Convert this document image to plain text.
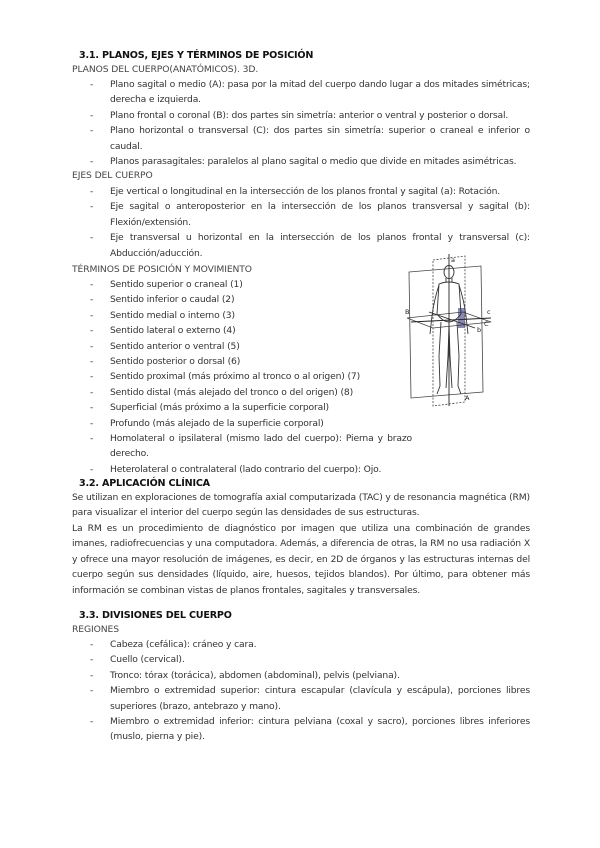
3.1. PLANOS, EJES Y TÉRMINOS DE POSICIÓN
PLANOS DEL CUERPO(ANATÓMICOS). 3D.
- Plano sagital o medio (A): pasa por la mitad del cuerpo dando lugar a dos mitades simétricas; derecha e izquierda.
- Plano frontal o coronal (B): dos partes sin simetría: anterior o ventral y posterior o dorsal.
- Plano horizontal o transversal (C): dos partes sin simetría: superior o craneal e inferior o caudal.
- Planos parasagitales: paralelos al plano sagital o medio que divide en mitades asimétricas.
EJES DEL CUERPO
- Eje vertical o longitudinal en la intersección de los planos frontal y sagital (a): Rotación.
- Eje sagital o anteroposterior en la intersección de los planos transversal y sagital (b): Flexión/extensión.
- Eje transversal u horizontal en la intersección de los planos frontal y transversal (c): Abducción/aducción.
TÉRMINOS DE POSICIÓN Y MOVIMIENTO
- Sentido superior o craneal (1)
- Sentido inferior o caudal (2)
- Sentido medial o interno (3)
- Sentido lateral o externo (4)
- Sentido anterior o ventral (5)
- Sentido posterior o dorsal (6)
- Sentido proximal (más próximo al tronco o al origen) (7)
- Sentido distal (más alejado del tronco o del origen) (8)
- Superficial (más próximo a la superficie corporal)
- Profundo (más alejado de la superficie corporal)
- Homolateral o ipsilateral (mismo lado del cuerpo): Pierna y brazo derecho.
- Heterolateral o contralateral (lado contrario del cuerpo): Ojo.
a
b
c
A
B
C
3.2. APLICACIÓN CLÍNICA

Se utilizan en exploraciones de tomografía axial computarizada (TAC) y de resonancia magnética (RM) para visualizar el interior del cuerpo según las densidades de sus estructuras.

La RM es un procedimiento de diagnóstico por imagen que utiliza una combinación de grandes imanes, radiofrecuencias y una computadora. Además, a diferencia de otras, la RM no usa radiación X y ofrece una mayor resolución de imágenes, es decir, en 2D de órganos y las estructuras internas del cuerpo según sus densidades (líquido, aire, huesos, tejidos blandos). Por último, para obtener más información se combinan vistas de planos frontales, sagitales y transversales.

3.3. DIVISIONES DEL CUERPO
REGIONES
- Cabeza (cefálica): cráneo y cara.
- Cuello (cervical).
- Tronco: tórax (torácica), abdomen (abdominal), pelvis (pelviana).
- Miembro o extremidad superior: cintura escapular (clavícula y escápula), porciones libres superiores (brazo, antebrazo y mano).
- Miembro o extremidad inferior: cintura pelviana (coxal y sacro), porciones libres inferiores (muslo, pierna y pie).
